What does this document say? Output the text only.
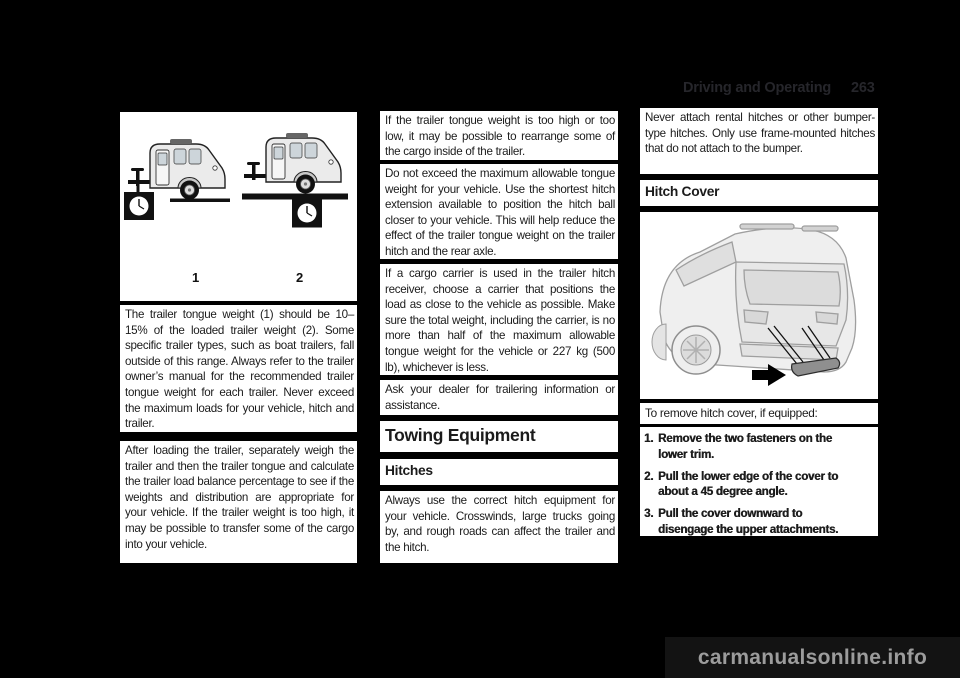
Driving and Operating 263
1	2
The trailer tongue weight (1) should be 10–15% of the loaded trailer weight (2). Some specific trailer types, such as boat trailers, fall outside of this range. Always refer to the trailer owner’s manual for the recommended trailer tongue weight for each trailer. Never exceed the maximum loads for your vehicle, hitch and trailer.
After loading the trailer, separately weigh the trailer and then the trailer tongue and calculate the trailer load balance percentage to see if the weights and distribution are appropriate for your vehicle. If the trailer weight is too high, it may be possible to transfer some of the cargo into your vehicle.
If the trailer tongue weight is too high or too low, it may be possible to rearrange some of the cargo inside of the trailer.
Do not exceed the maximum allowable tongue weight for your vehicle. Use the shortest hitch extension available to position the hitch ball closer to your vehicle. This will help reduce the effect of the trailer tongue weight on the trailer hitch and the rear axle.
If a cargo carrier is used in the trailer hitch receiver, choose a carrier that positions the load as close to the vehicle as possible. Make sure the total weight, including the carrier, is no more than half of the maximum allowable tongue weight for the vehicle or 227 kg (500 lb), whichever is less.
Ask your dealer for trailering information or assistance.
Towing Equipment
Hitches
Always use the correct hitch equipment for your vehicle. Crosswinds, large trucks going by, and rough roads can affect the trailer and the hitch.
Never attach rental hitches or other bumper-type hitches. Only use frame-mounted hitches that do not attach to the bumper.
Hitch Cover
To remove hitch cover, if equipped:
1. Remove the two fasteners on the lower trim.
2. Pull the lower edge of the cover to about a 45 degree angle.
3. Pull the cover downward to disengage the upper attachments.
carmanualsonline.info
